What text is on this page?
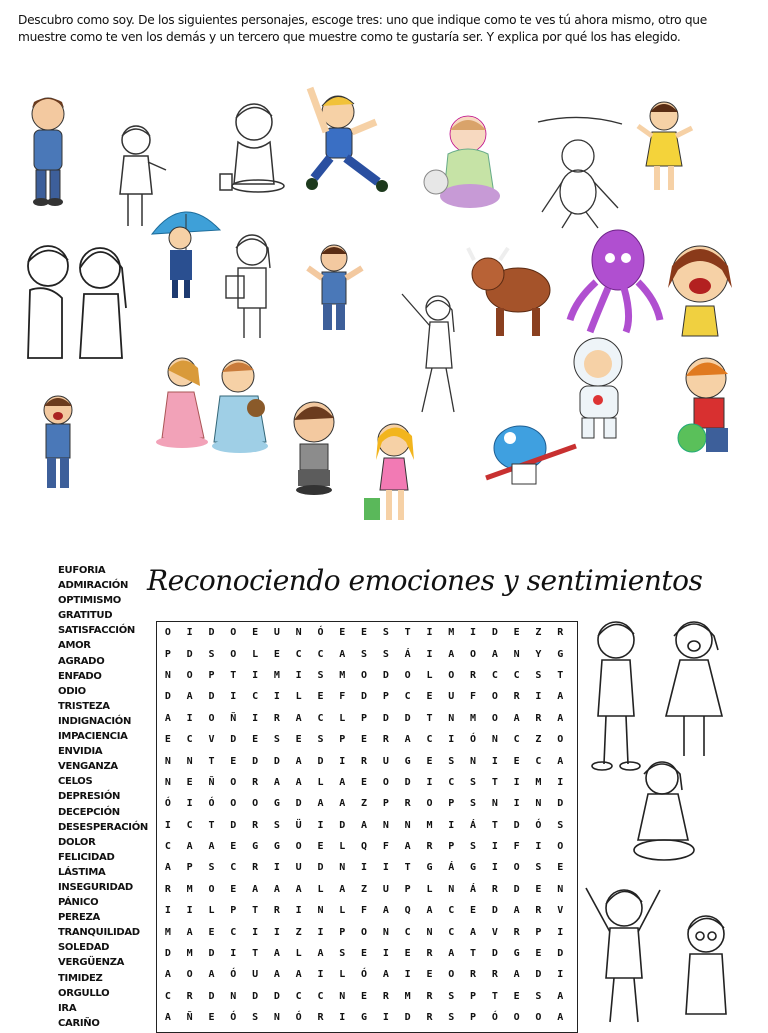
Descubro como soy. De los siguientes personajes, escoge tres: uno que indique como te ves tú ahora mismo, otro que muestre como te ven los demás y un tercero que muestre como te gustaría ser. Y explica por qué los has elegido.
Reconociendo emociones y sentimientos
EUFORIA
ADMIRACIÓN
OPTIMISMO
GRATITUD
SATISFACCIÓN
AMOR
AGRADO
ENFADO
ODIO
TRISTEZA
INDIGNACIÓN
IMPACIENCIA
ENVIDIA
VENGANZA
CELOS
DEPRESIÓN
DECEPCIÓN
DESESPERACIÓN
DOLOR
FELICIDAD
LÁSTIMA
INSEGURIDAD
PÁNICO
PEREZA
TRANQUILIDAD
SOLEDAD
VERGÜENZA
TIMIDEZ
ORGULLO
IRA
CARIÑO
O	I	D	O	E	U	N	Ó	E	E	S	T	I	M	I	D	E	Z	R
P	D	S	O	L	E	C	C	A	S	S	Á	I	A	O	A	N	Y	G
N	O	P	T	I	M	I	S	M	O	D	O	L	O	R	C	C	S	T
D	A	D	I	C	I	L	E	F	D	P	C	E	U	F	O	R	I	A
A	I	O	Ñ	I	R	A	C	L	P	D	D	T	N	M	O	A	R	A
E	C	V	D	E	S	E	S	P	E	R	A	C	I	Ó	N	C	Z	O
N	N	T	E	D	D	A	D	I	R	U	G	E	S	N	I	E	C	A
N	E	Ñ	O	R	A	A	L	A	E	O	D	I	C	S	T	I	M	I
Ó	I	Ó	O	O	G	D	A	A	Z	P	R	O	P	S	N	I	N	D
I	C	T	D	R	S	Ü	I	D	A	N	N	M	I	Á	T	D	Ó	S
C	A	A	E	G	G	O	E	L	Q	F	A	R	P	S	I	F	I	O
A	P	S	C	R	I	U	D	N	I	I	T	G	Á	G	I	O	S	E
R	M	O	E	A	A	A	L	A	Z	U	P	L	N	Á	R	D	E	N
I	I	L	P	T	R	I	N	L	F	A	Q	A	C	E	D	A	R	V
M	A	E	C	I	I	Z	I	P	O	N	C	N	C	A	V	R	P	I
D	M	D	I	T	A	L	A	S	E	I	E	R	A	T	D	G	E	D
A	O	A	Ó	U	A	A	I	L	Ó	A	I	E	O	R	R	A	D	I
C	R	D	N	D	D	C	C	N	E	R	M	R	S	P	T	E	S	A
A	Ñ	E	Ó	S	N	Ó	R	I	G	I	D	R	S	P	Ó	O	O	A
